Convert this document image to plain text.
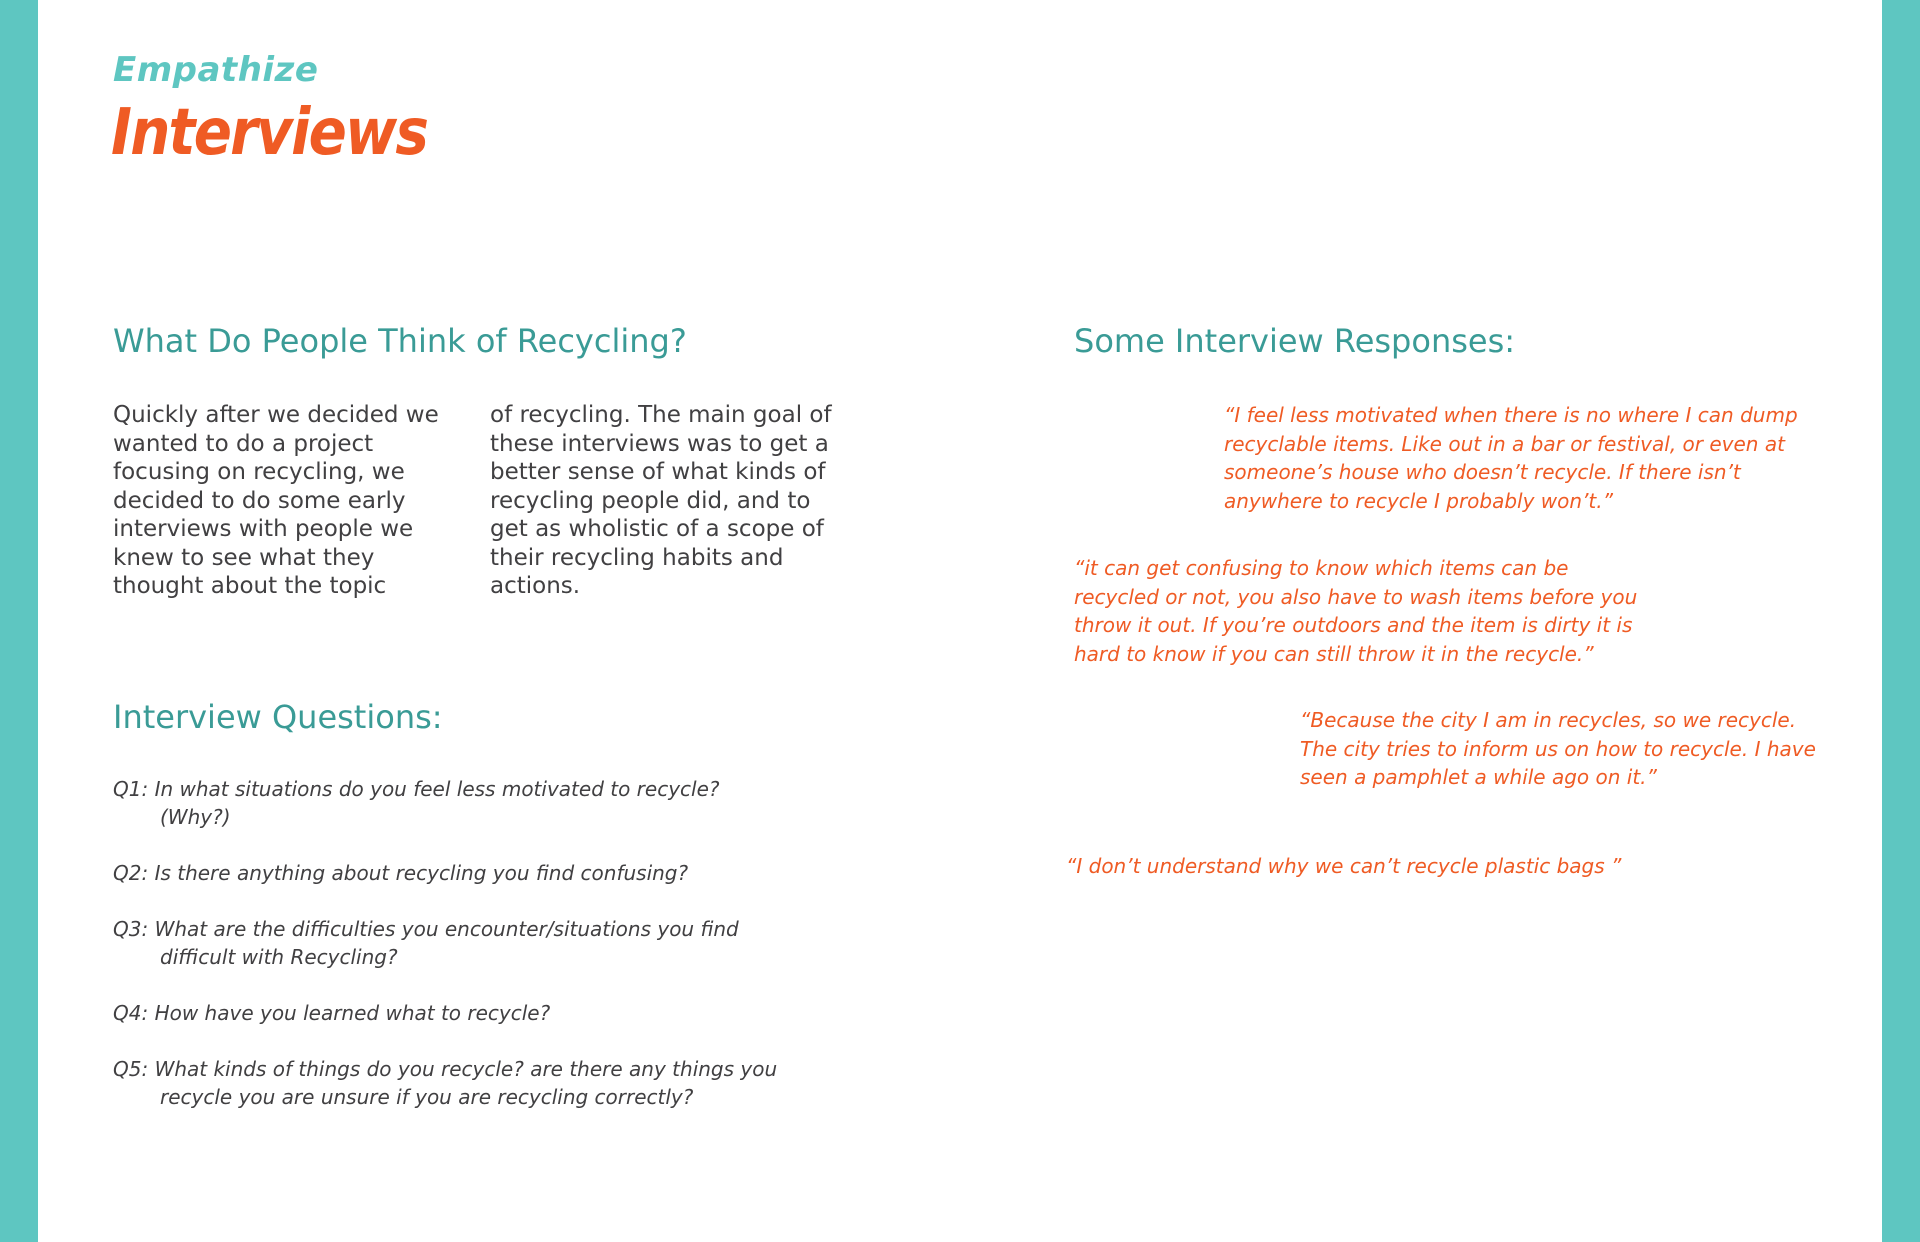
Empathize
Interviews
What Do People Think of Recycling?

Quickly after we decided we wanted to do a project focusing on recycling, we decided to do some early interviews with people we knew to see what they thought about the topic

of recycling. The main goal of these interviews was to get a better sense of what kinds of recycling people did, and to get as wholistic of a scope of their recycling habits and actions.

Interview Questions:
Q1: In what situations do you feel less motivated to recycle? (Why?)
Q2: Is there anything about recycling you find confusing?
Q3: What are the difficulties you encounter/situations you find difficult with Recycling?
Q4: How have you learned what to recycle?
Q5: What kinds of things do you recycle? are there any things you recycle you are unsure if you are recycling correctly?
Some Interview Responses:

“I feel less motivated when there is no where I can dump recyclable items. Like out in a bar or festival, or even at someone’s house who doesn’t recycle. If there isn’t anywhere to recycle I probably won’t.”

“it can get confusing to know which items can be recycled or not, you also have to wash items before you throw it out. If you’re outdoors and the item is dirty it is hard to know if you can still throw it in the recycle.”

“Because the city I am in recycles, so we recycle. The city tries to inform us on how to recycle. I have seen a pamphlet a while ago on it.”

“I don’t understand why we can’t recycle plastic bags ”
